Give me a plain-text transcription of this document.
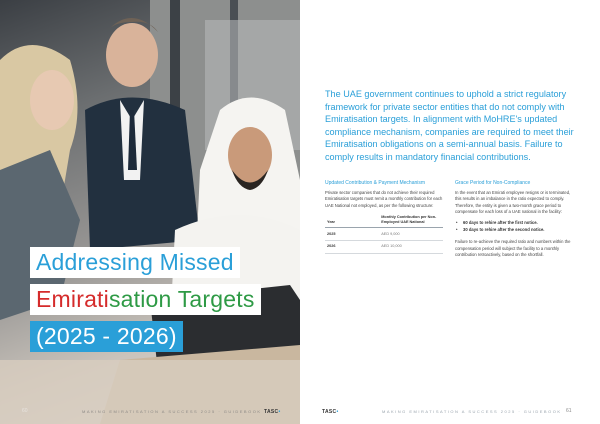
Addressing Missed
Emiratisation Targets
(2025 - 2026)
60	MAKING EMIRATISATION A SUCCESS 2025 · GUIDEBOOK TASC•

The UAE government continues to uphold a strict regulatory framework for private sector entities that do not comply with Emiratisation targets. In alignment with MoHRE's updated compliance mechanism, companies are required to meet their Emiratisation obligations on a semi-annual basis. Failure to comply results in mandatory financial contributions.

Updated Contribution & Payment Mechanism

Private sector companies that do not achieve their required Emiratisation targets must remit a monthly contribution for each UAE National not employed, as per the following structure:

Year	Monthly Contribution per Non-Employed UAE National
2025	AED 9,000
2026	AED 10,000
Grace Period for Non-Compliance

In the event that an Emirati employee resigns or is terminated, this results in an imbalance in the ratio expected to comply. Therefore, the entity is given a two-month grace period to compensate for each loss of a UAE national in the facility:

• 60 days to rehire after the first notice.
• 30 days to rehire after the second notice.

Failure to re-achieve the required ratio and numbers within the compensation period will subject the facility to a monthly contribution retroactively, based on the shortfall.

TASC•	MAKING EMIRATISATION A SUCCESS 2025 · GUIDEBOOK 61
